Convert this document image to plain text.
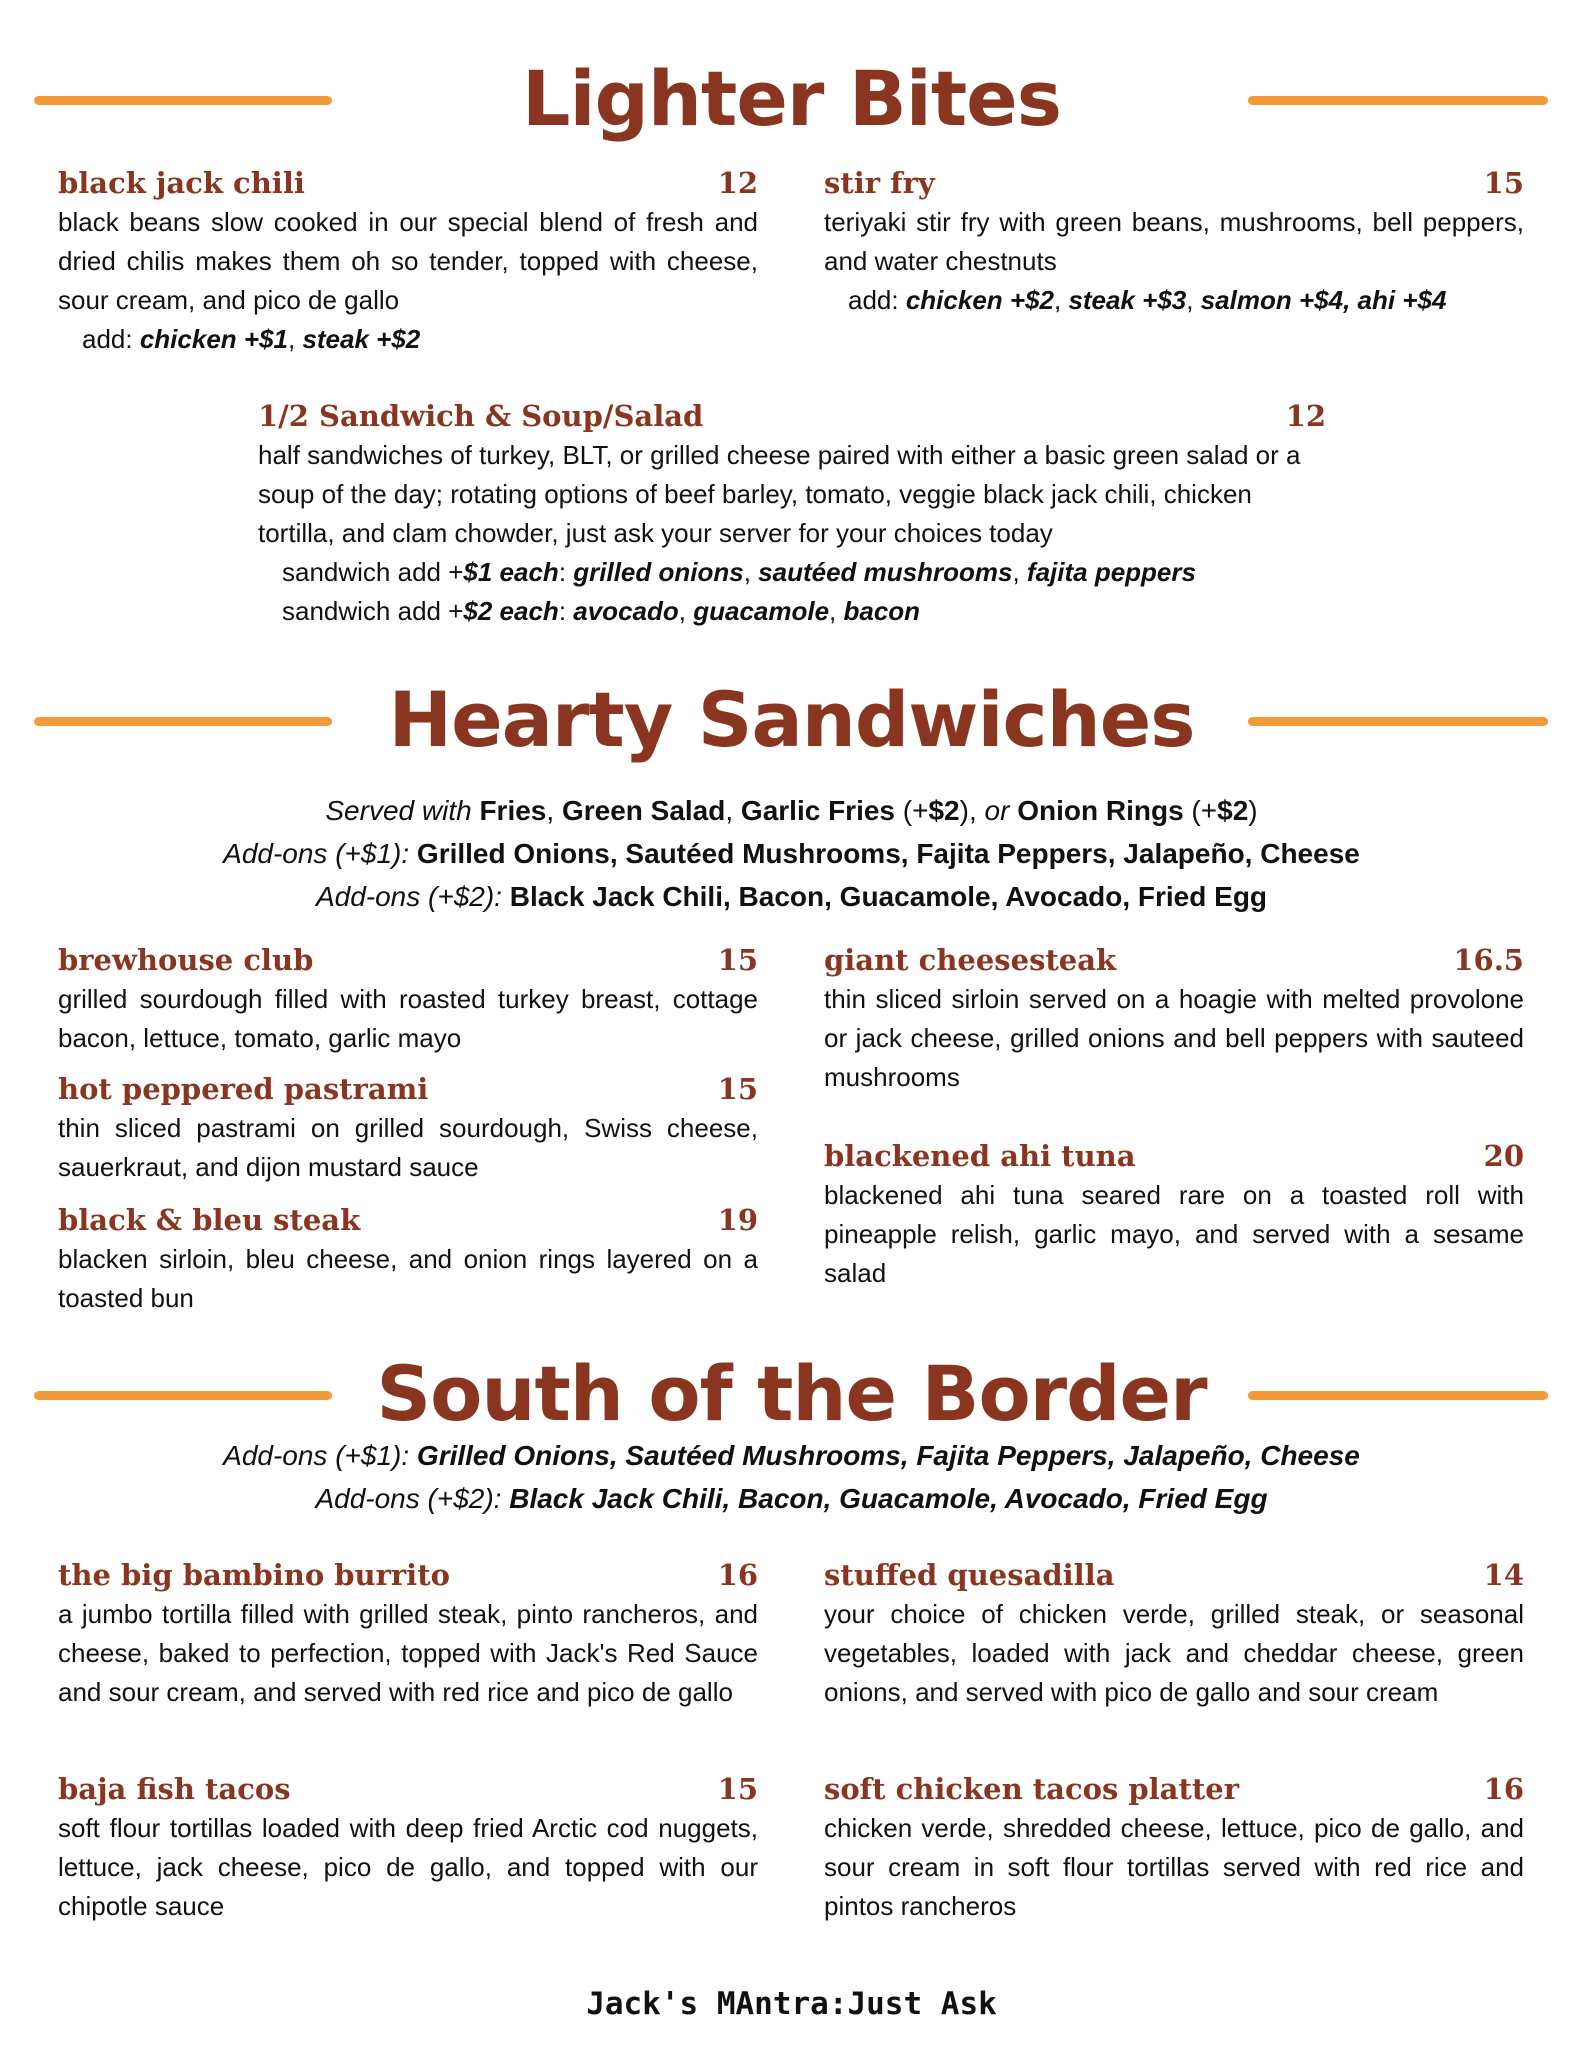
Lighter Bites
black jack chili	12
black beans slow cooked in our special blend of fresh and dried chilis makes them oh so tender, topped with cheese, sour cream, and pico de gallo
add: chicken +$1, steak +$2
stir fry	15
teriyaki stir fry with green beans, mushrooms, bell peppers, and water chestnuts
add: chicken +$2, steak +$3, salmon +$4, ahi +$4
1/2 Sandwich & Soup/Salad	12
half sandwiches of turkey, BLT, or grilled cheese paired with either a basic green salad or a soup of the day; rotating options of beef barley, tomato, veggie black jack chili, chicken tortilla, and clam chowder, just ask your server for your choices today
sandwich add +$1 each: grilled onions, sautéed mushrooms, fajita peppers
sandwich add +$2 each: avocado, guacamole, bacon
Hearty Sandwiches
Served with Fries, Green Salad, Garlic Fries (+$2), or Onion Rings (+$2)
Add-ons (+$1): Grilled Onions, Sautéed Mushrooms, Fajita Peppers, Jalapeño, Cheese
Add-ons (+$2): Black Jack Chili, Bacon, Guacamole, Avocado, Fried Egg
brewhouse club	15
grilled sourdough filled with roasted turkey breast, cottage bacon, lettuce, tomato, garlic mayo
hot peppered pastrami	15
thin sliced pastrami on grilled sourdough, Swiss cheese, sauerkraut, and dijon mustard sauce
black & bleu steak	19
blacken sirloin, bleu cheese, and onion rings layered on a toasted bun
giant cheesesteak	16.5
thin sliced sirloin served on a hoagie with melted provolone or jack cheese, grilled onions and bell peppers with sauteed mushrooms
blackened ahi tuna	20
blackened ahi tuna seared rare on a toasted roll with pineapple relish, garlic mayo, and served with a sesame salad
South of the Border
Add-ons (+$1): Grilled Onions, Sautéed Mushrooms, Fajita Peppers, Jalapeño, Cheese
Add-ons (+$2): Black Jack Chili, Bacon, Guacamole, Avocado, Fried Egg
the big bambino burrito	16
a jumbo tortilla filled with grilled steak, pinto rancheros, and cheese, baked to perfection, topped with Jack's Red Sauce and sour cream, and served with red rice and pico de gallo
baja fish tacos	15
soft flour tortillas loaded with deep fried Arctic cod nuggets, lettuce, jack cheese, pico de gallo, and topped with our chipotle sauce
stuffed quesadilla	14
your choice of chicken verde, grilled steak, or seasonal vegetables, loaded with jack and cheddar cheese, green onions, and served with pico de gallo and sour cream
soft chicken tacos platter	16
chicken verde, shredded cheese, lettuce, pico de gallo, and sour cream in soft flour tortillas served with red rice and pintos rancheros
Jack's MAntra:Just Ask
